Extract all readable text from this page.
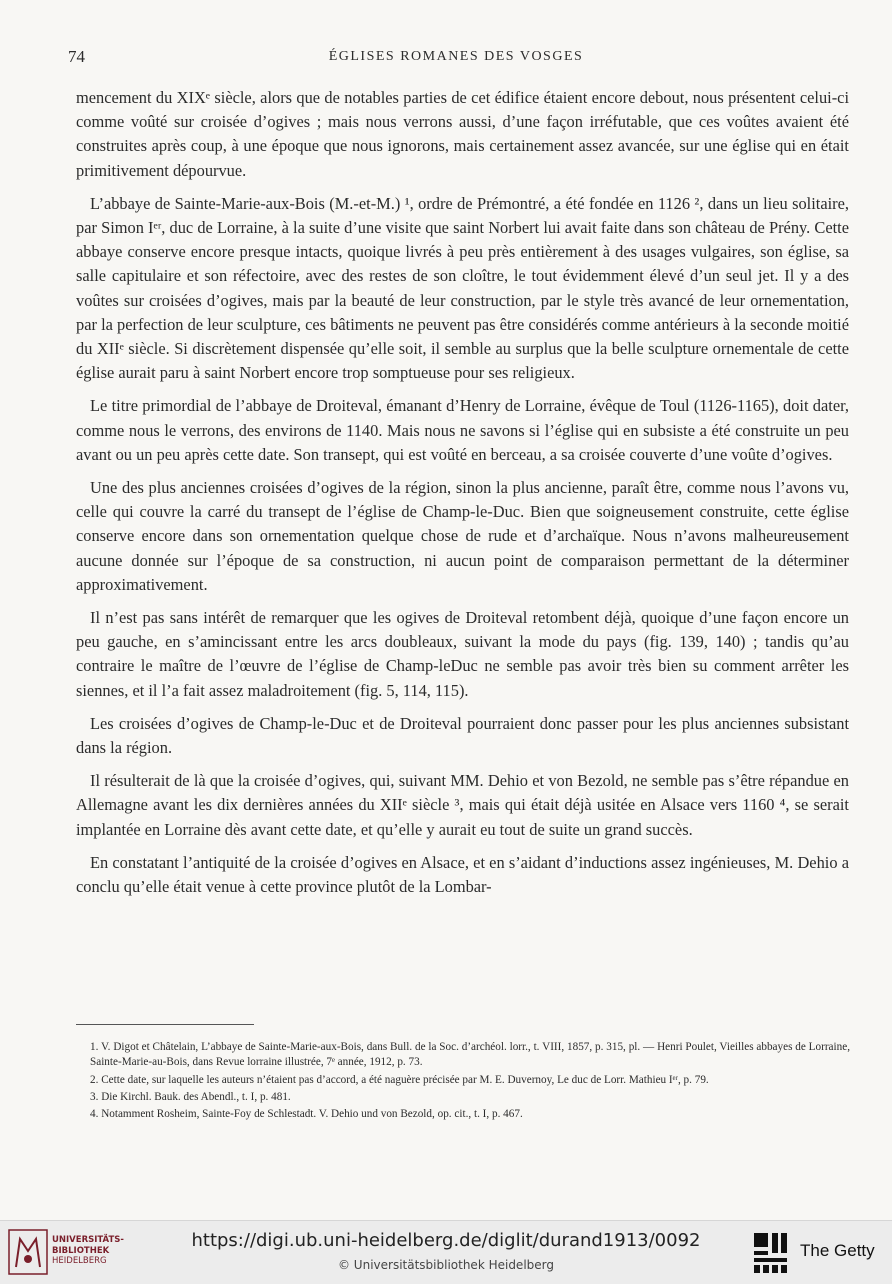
74	ÉGLISES ROMANES DES VOSGES

mencement du XIXᵉ siècle, alors que de notables parties de cet édifice étaient encore debout, nous présentent celui-ci comme voûté sur croisée d’ogives ; mais nous verrons aussi, d’une façon irréfutable, que ces voûtes avaient été construites après coup, à une époque que nous ignorons, mais certainement assez avancée, sur une église qui en était primitivement dépourvue.

L’abbaye de Sainte-Marie-aux-Bois (M.-et-M.) ¹, ordre de Prémontré, a été fondée en 1126 ², dans un lieu solitaire, par Simon Iᵉʳ, duc de Lorraine, à la suite d’une visite que saint Norbert lui avait faite dans son château de Prény. Cette abbaye conserve encore presque intacts, quoique livrés à peu près entièrement à des usages vulgaires, son église, sa salle capitulaire et son réfectoire, avec des restes de son cloître, le tout évidemment élevé d’un seul jet. Il y a des voûtes sur croisées d’ogives, mais par la beauté de leur construction, par le style très avancé de leur ornementation, par la perfection de leur sculpture, ces bâtiments ne peuvent pas être considérés comme antérieurs à la seconde moitié du XIIᵉ siècle. Si discrètement dispensée qu’elle soit, il semble au surplus que la belle sculpture ornementale de cette église aurait paru à saint Norbert encore trop somptueuse pour ses religieux.

Le titre primordial de l’abbaye de Droiteval, émanant d’Henry de Lorraine, évêque de Toul (1126-1165), doit dater, comme nous le verrons, des environs de 1140. Mais nous ne savons si l’église qui en subsiste a été construite un peu avant ou un peu après cette date. Son transept, qui est voûté en berceau, a sa croisée couverte d’une voûte d’ogives.

Une des plus anciennes croisées d’ogives de la région, sinon la plus ancienne, paraît être, comme nous l’avons vu, celle qui couvre la carré du transept de l’église de Champ-le-Duc. Bien que soigneusement construite, cette église conserve encore dans son ornementation quelque chose de rude et d’archaïque. Nous n’avons malheureusement aucune donnée sur l’époque de sa construction, ni aucun point de comparaison permettant de la déterminer approximativement.

Il n’est pas sans intérêt de remarquer que les ogives de Droiteval retombent déjà, quoique d’une façon encore un peu gauche, en s’amincissant entre les arcs doubleaux, suivant la mode du pays (fig. 139, 140) ; tandis qu’au contraire le maître de l’œuvre de l’église de Champ-leDuc ne semble pas avoir très bien su comment arrêter les siennes, et il l’a fait assez maladroitement (fig. 5, 114, 115).

Les croisées d’ogives de Champ-le-Duc et de Droiteval pourraient donc passer pour les plus anciennes subsistant dans la région.

Il résulterait de là que la croisée d’ogives, qui, suivant MM. Dehio et von Bezold, ne semble pas s’être répandue en Allemagne avant les dix dernières années du XIIᵉ siècle ³, mais qui était déjà usitée en Alsace vers 1160 ⁴, se serait implantée en Lorraine dès avant cette date, et qu’elle y aurait eu tout de suite un grand succès.

En constatant l’antiquité de la croisée d’ogives en Alsace, et en s’aidant d’inductions assez ingénieuses, M. Dehio a conclu qu’elle était venue à cette province plutôt de la Lombar-

1. V. Digot et Châtelain, L’abbaye de Sainte-Marie-aux-Bois, dans Bull. de la Soc. d’archéol. lorr., t. VIII, 1857, p. 315, pl. — Henri Poulet, Vieilles abbayes de Lorraine, Sainte-Marie-au-Bois, dans Revue lorraine illustrée, 7ᵉ année, 1912, p. 73.

2. Cette date, sur laquelle les auteurs n’étaient pas d’accord, a été naguère précisée par M. E. Duvernoy, Le duc de Lorr. Mathieu Iᵉʳ, p. 79.

3. Die Kirchl. Bauk. des Abendl., t. I, p. 481.

4. Notamment Rosheim, Sainte-Foy de Schlestadt. V. Dehio und von Bezold, op. cit., t. I, p. 467.

UNIVERSITÄTS-
BIBLIOTHEK
HEIDELBERG
https://digi.ub.uni-heidelberg.de/diglit/durand1913/0092
© Universitätsbibliothek Heidelberg
The Getty
